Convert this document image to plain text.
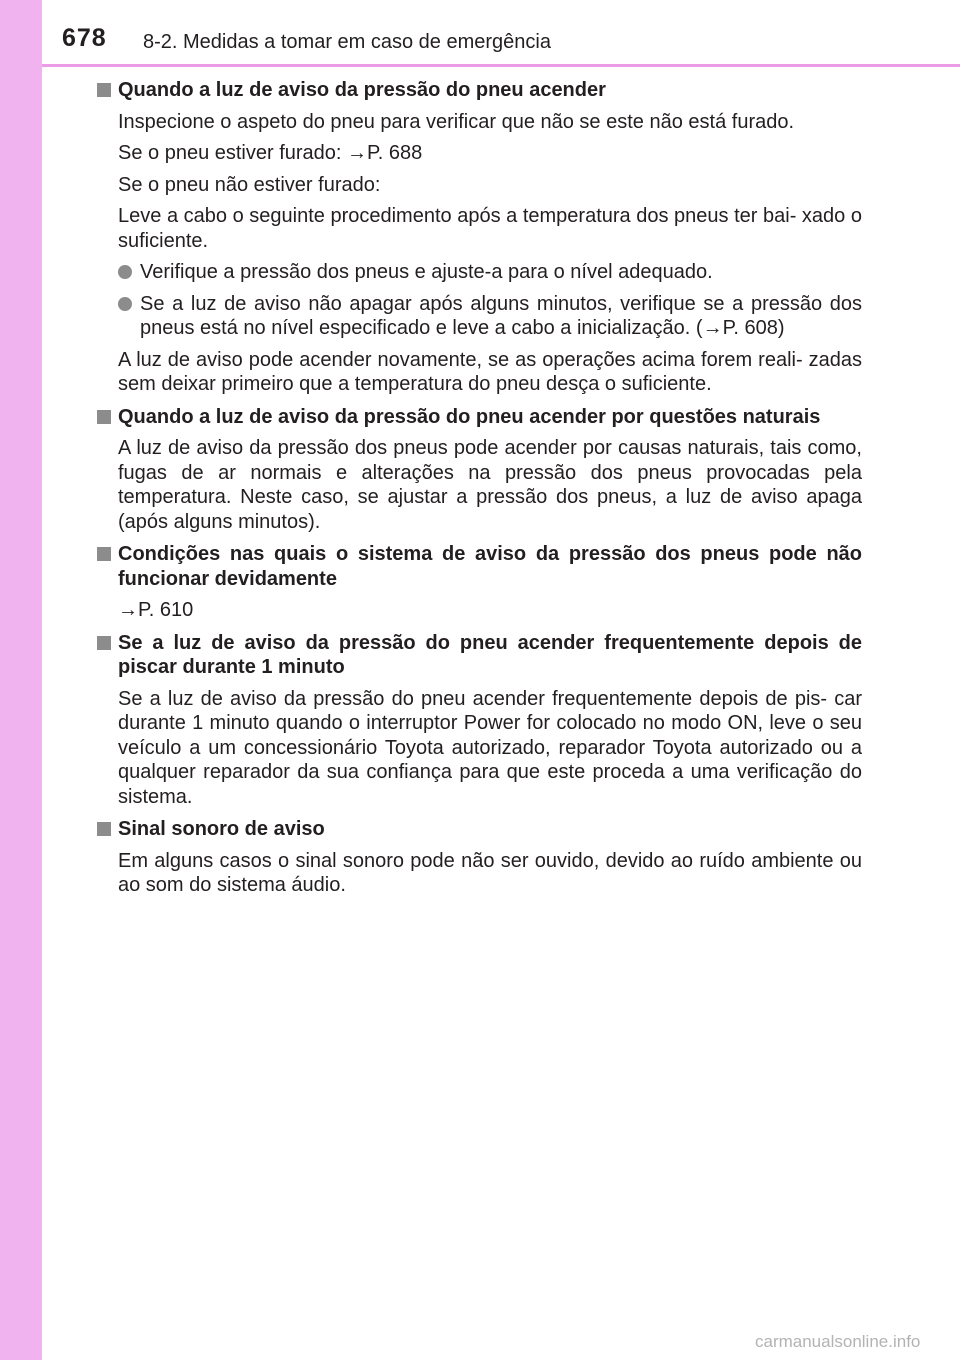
678 8-2. Medidas a tomar em caso de emergência
Quando a luz de aviso da pressão do pneu acender
Inspecione o aspeto do pneu para verificar que não se este não está furado.
Se o pneu estiver furado: →P. 688
Se o pneu não estiver furado:
Leve a cabo o seguinte procedimento após a temperatura dos pneus ter bai- xado o suficiente.
Verifique a pressão dos pneus e ajuste-a para o nível adequado.
Se a luz de aviso não apagar após alguns minutos, verifique se a pressão dos pneus está no nível especificado e leve a cabo a inicialização. (→P. 608)
A luz de aviso pode acender novamente, se as operações acima forem reali- zadas sem deixar primeiro que a temperatura do pneu desça o suficiente.
Quando a luz de aviso da pressão do pneu acender por questões naturais
A luz de aviso da pressão dos pneus pode acender por causas naturais, tais como, fugas de ar normais e alterações na pressão dos pneus provocadas pela temperatura. Neste caso, se ajustar a pressão dos pneus, a luz de aviso apaga (após alguns minutos).
Condições nas quais o sistema de aviso da pressão dos pneus pode não funcionar devidamente
→P. 610
Se a luz de aviso da pressão do pneu acender frequentemente depois de piscar durante 1 minuto
Se a luz de aviso da pressão do pneu acender frequentemente depois de pis- car durante 1 minuto quando o interruptor Power for colocado no modo ON, leve o seu veículo a um concessionário Toyota autorizado, reparador Toyota autorizado ou a qualquer reparador da sua confiança para que este proceda a uma verificação do sistema.
Sinal sonoro de aviso
Em alguns casos o sinal sonoro pode não ser ouvido, devido ao ruído ambiente ou ao som do sistema áudio.
carmanualsonline.info
